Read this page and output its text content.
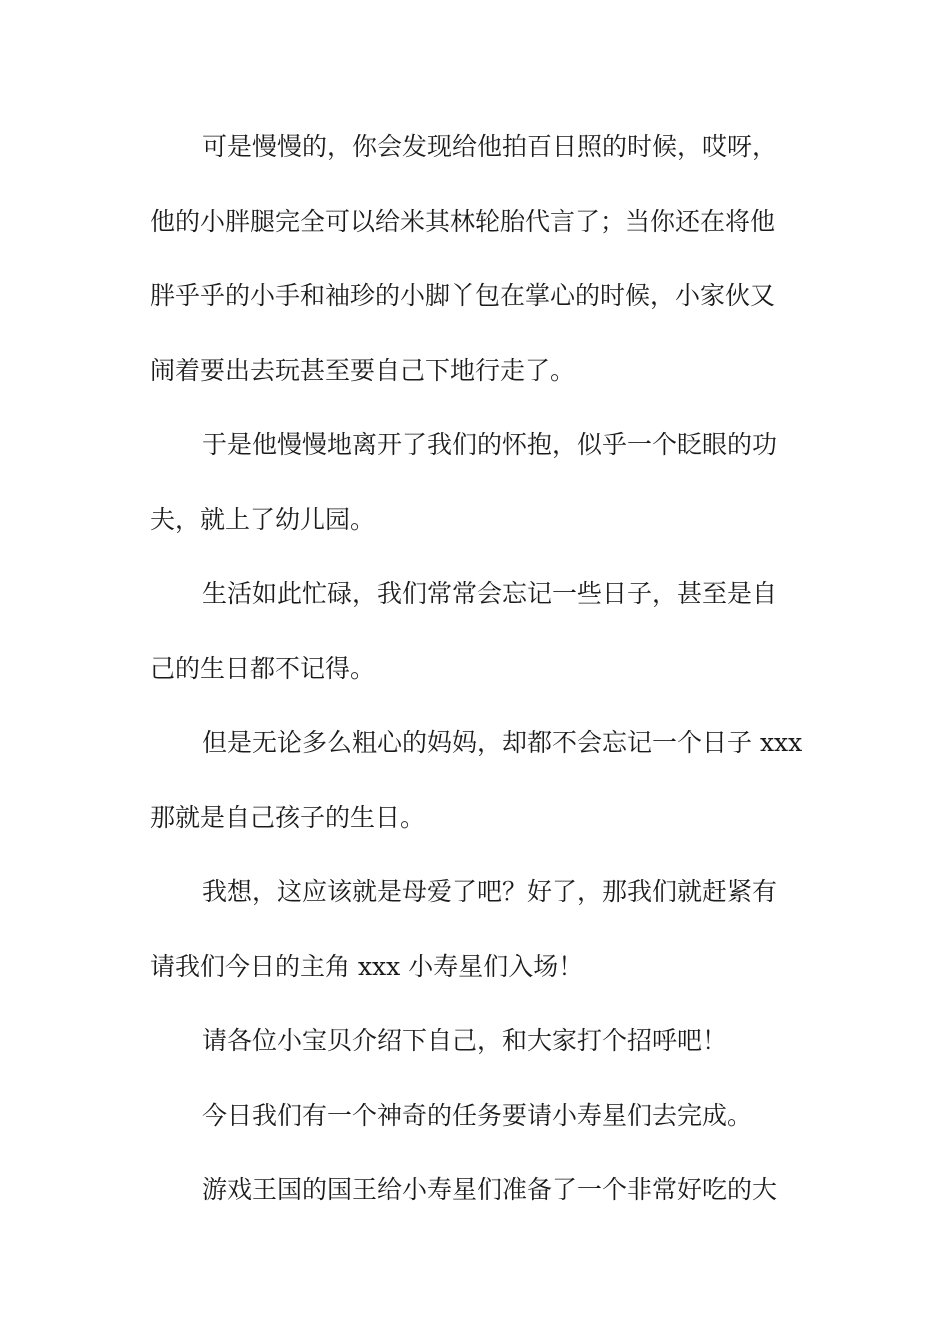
可是慢慢的，你会发现给他拍百日照的时候，哎呀，
他的小胖腿完全可以给米其林轮胎代言了；当你还在将他
胖乎乎的小手和袖珍的小脚丫包在掌心的时候，小家伙又
闹着要出去玩甚至要自己下地行走了。
于是他慢慢地离开了我们的怀抱，似乎一个眨眼的功
夫，就上了幼儿园。
生活如此忙碌，我们常常会忘记一些日子，甚至是自
己的生日都不记得。
但是无论多么粗心的妈妈，却都不会忘记一个日子 xxx
那就是自己孩子的生日。
我想，这应该就是母爱了吧？好了，那我们就赶紧有
请我们今日的主角 xxx 小寿星们入场！
请各位小宝贝介绍下自己，和大家打个招呼吧！
今日我们有一个神奇的任务要请小寿星们去完成。
游戏王国的国王给小寿星们准备了一个非常好吃的大
